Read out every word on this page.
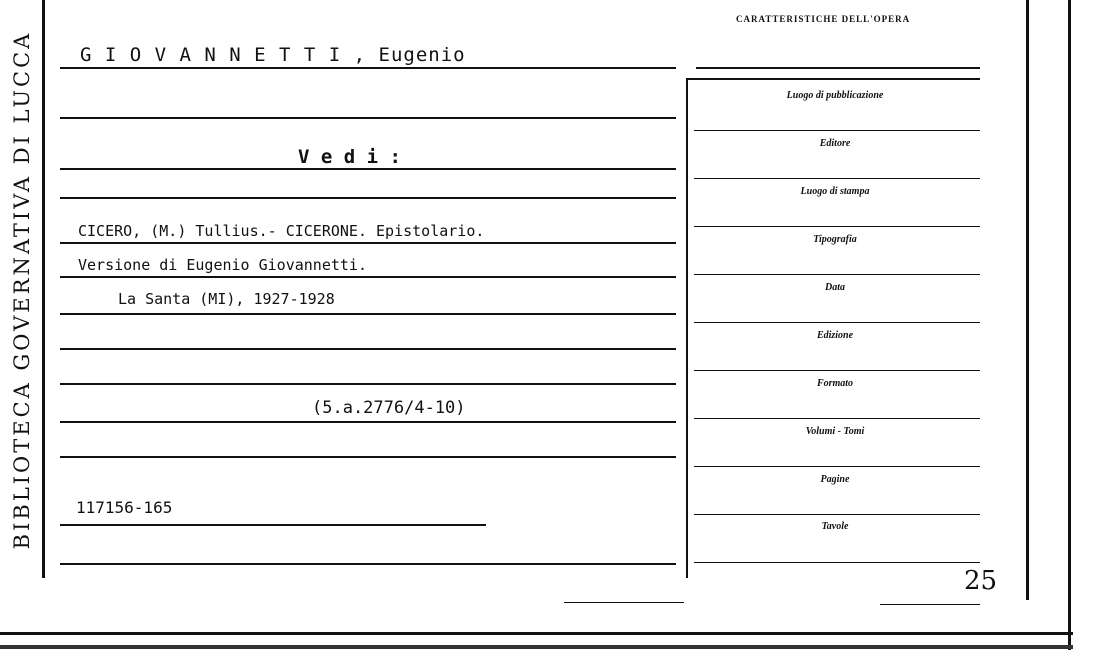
BIBLIOTECA GOVERNATIVA DI LUCCA
CARATTERISTICHE DELL'OPERA
G I O V A N N E T T I , Eugenio
V e d i :
CICERO, (M.) Tullius.- CICERONE. Epistolario.
Versione di Eugenio Giovannetti.
La Santa (MI), 1927-1928
(5.a.2776/4-10)
117156-165
Luogo di pubblicazione
Editore
Luogo di stampa
Tipografia
Data
Edizione
Formato
Volumi - Tomi
Pagine
Tavole
25
